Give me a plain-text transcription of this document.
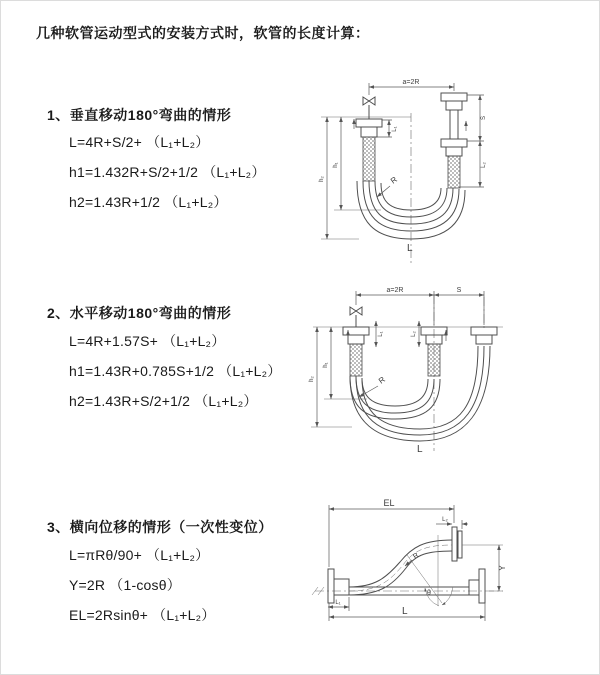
几种软管运动型式的安装方式时，软管的长度计算：
1、垂直移动180°弯曲的情形
L=4R+S/2+ （L₁+L₂）
h1=1.432R+S/2+1/2 （L₁+L₂）
h2=1.43R+1/2 （L₁+L₂）
2、水平移动180°弯曲的情形
L=4R+1.57S+ （L₁+L₂）
h1=1.43R+0.785S+1/2 （L₁+L₂）
h2=1.43R+S/2+1/2 （L₁+L₂）
3、横向位移的情形（一次性变位）
L=πRθ/90+ （L₁+L₂）
Y=2R （1-cosθ）
EL=2Rsinθ+ （L₁+L₂）
a=2R
L₁
S
L₂
h₂
h₁
R
L
a=2R	S
L₁	L₂
h₂
h₁
R
L
EL
L₂
Y
L
L₁
θ
R
